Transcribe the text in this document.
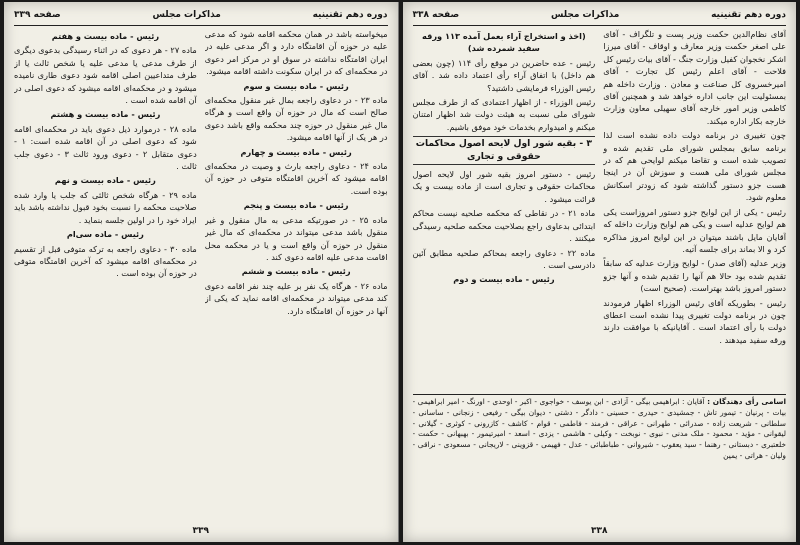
دوره دهم تقنينيه
مذاکرات مجلس
صفحه ۳۳۹

میخواسته باشد در همان محکمه اقامه شود که مدعی علیه در حوزه آن اقامتگاه دارد و اگر مدعی علیه در ایران اقامتگاه نداشته در سوق او در مرکز امر دعوی در محکمه‌ای که در ایران سکونت داشته اقامه میشود.

رئیس - ماده بیست و سوم

ماده ۲۳ - در دعاوی راجعه بمال غیر منقول محکمه‌ای صالح است که مال در حوزه آن واقع است و هرگاه مال غیر منقول در حوزه چند محکمه واقع باشد دعوی در هر یک از آنها اقامه میشود.

رئیس - ماده بیست و چهارم

ماده ۲۴ - دعاوی راجعه بارث و وصیت در محکمه‌ای اقامه میشود که آخرین اقامتگاه متوفی در حوزه آن بوده است.

رئیس - ماده بیست و پنجم

ماده ۲۵ - در صورتیکه مدعی به مال منقول و غیر منقول باشد مدعی میتواند در محکمه‌ای که مال غیر منقول در حوزه آن واقع است و یا در محکمه محل اقامت مدعی علیه اقامه دعوی کند .

رئیس - ماده بیست و ششم

ماده ۲۶ - هرگاه یک نفر بر علیه چند نفر اقامه دعوی کند مدعی میتواند در محکمه‌ای اقامه نماید که یکی از آنها در حوزه آن اقامتگاه دارد.

رئیس - ماده بیست و هفتم

ماده ۲۷ - هر دعوی که در اثناء رسیدگی بدعوی دیگری از طرف مدعی یا مدعی علیه یا شخص ثالث یا از طرف متداعیین اصلی اقامه شود دعوی طاری نامیده میشود و در محکمه‌ای اقامه میشود که دعوی اصلی در آن اقامه شده است .

رئیس - ماده بیست و هشتم

ماده ۲۸ - درموارد ذیل دعوی باید در محکمه‌ای اقامه شود که دعوی اصلی در آن اقامه شده است: ۱ - دعوی متقابل ۲ - دعوی ورود ثالث ۳ - دعوی جلب ثالث .

رئیس - ماده بیست و نهم

ماده ۲۹ - هرگاه شخص ثالثی که جلب یا وارد شده صلاحیت محکمه را نسبت بخود قبول نداشته باشد باید ایراد خود را در اولین جلسه بنماید .

رئیس - ماده سی‌ام

ماده ۳۰ - دعاوی راجعه به ترکه متوفی قبل از تقسیم در محکمه‌ای اقامه میشود که آخرین اقامتگاه متوفی در حوزه آن بوده است .

۳۳۹
دوره دهم تقنينيه
مذاکرات مجلس
صفحه ۳۳۸

آقای نظام‌الدین حکمت وزیر پست و تلگراف - آقای علی اصغر حکمت وزیر معارف و اوقاف - آقای میرزا اشکر نخجوان کفیل وزارت جنگ - آقای بیات رئیس کل فلاحت - آقای اعلم رئیس کل تجارت - آقای امیرخسروی کل صناعت و معادن . وزارت داخله هم بمسئولیت این جانب اداره خواهد شد و همچنین آقای کاظمی وزیر امور خارجه آقای سهیلی معاون وزارت خارجه بکار اداره میکند.

چون تغییری در برنامه دولت داده نشده است لذا برنامه سابق بمجلس شورای ملی تقدیم شده و تصویب شده است و تقاضا میکنم لوایحی هم که در مجلس شورای ملی هست و سوزش آن در اینجا هست جزو دستور گذاشته شود که زودتر اسکانش معلوم شود.

رئیس - یکی از این لوایح جزو دستور امروزاست یکی هم لوایح عدلیه است و یکی هم لوایح وزارت داخله که آقایان مایل باشند میتوان در این لوایح امروز مذاکره کرد و الا بماند برای جلسه آتیه.

وزیر عدلیه (آقای صدر) - لوایح وزارت عدلیه که سابقاً تقدیم شده بود حالا هم آنها را تقدیم شده و آنها جزو دستور امروز باشد بهتراست. (صحیح است)

رئیس - بطوریکه آقای رئیس الوزراء اظهار فرمودند چون در برنامه دولت تغییری پیدا نشده است اعطای دولت با رأی اعتماد است . آقایانیکه با موافقت دارند ورقه سفید میدهند .

(اخذ و استخراج آراء بعمل آمده ۱۱۳ ورقه سفید شمرده شد)

رئیس - عده حاضرین در موقع رأی ۱۱۴ (چون بعضی هم داخل) با اتفاق آراء رأی اعتماد داده شد . آقای رئیس الوزراء فرمایشی داشتید؟

رئیس الوزراء - از اظهار اعتمادی که از طرف مجلس شورای ملی نسبت به هیئت دولت شد اظهار امتنان میکنم و امیدوارم بخدمات خود موفق باشیم.

۳ - بقیه شور اول لایحه اصول محاکمات حقوقی و تجاری

رئیس - دستور امروز بقیه شور اول لایحه اصول محاکمات حقوقی و تجاری است از ماده بیست و یک قرائت میشود .

ماده ۲۱ - در نقاطی که محکمه صلحیه نیست محاکم ابتدائی بدعاوی راجع بصلاحیت محکمه صلحیه رسیدگی میکنند .

ماده ۲۲ - دعاوی راجعه بمحاکم صلحیه مطابق آئین دادرسی است .

رئیس - ماده بیست و دوم

اسامی رأی دهندگان : آقایان : ابراهیمی بیگی - آزادی - ابن یوسف - خواجوی - اکبر - اوحدی - اورنگ - امیر ابراهیمی - بیات - پرنیان - تیمور تاش - جمشیدی - حیدری - حسینی - دادگر - دشتی - دیوان بیگی - رفیعی - زنجانی - ساسانی - سلطانی - شریعت زاده - صدرائی - طهرانی - عراقی - فرمند - فاطمی - قوام - کاشف - کازرونی - کوثری - گیلانی - لیقوانی - مؤید - محمود - ملک مدنی - نبوی - نوبخت - وکیلی - هاشمی - یزدی - اسعد - امیرتیمور - بهبهانی - حکمت - خلعتبری - دبستانی - رهنما - سید یعقوب - شیروانی - طباطبائی - عدل - فهیمی - قزوینی - لاریجانی - مسعودی - نراقی - ولیان - هراتی - یمین
۳۳۸
